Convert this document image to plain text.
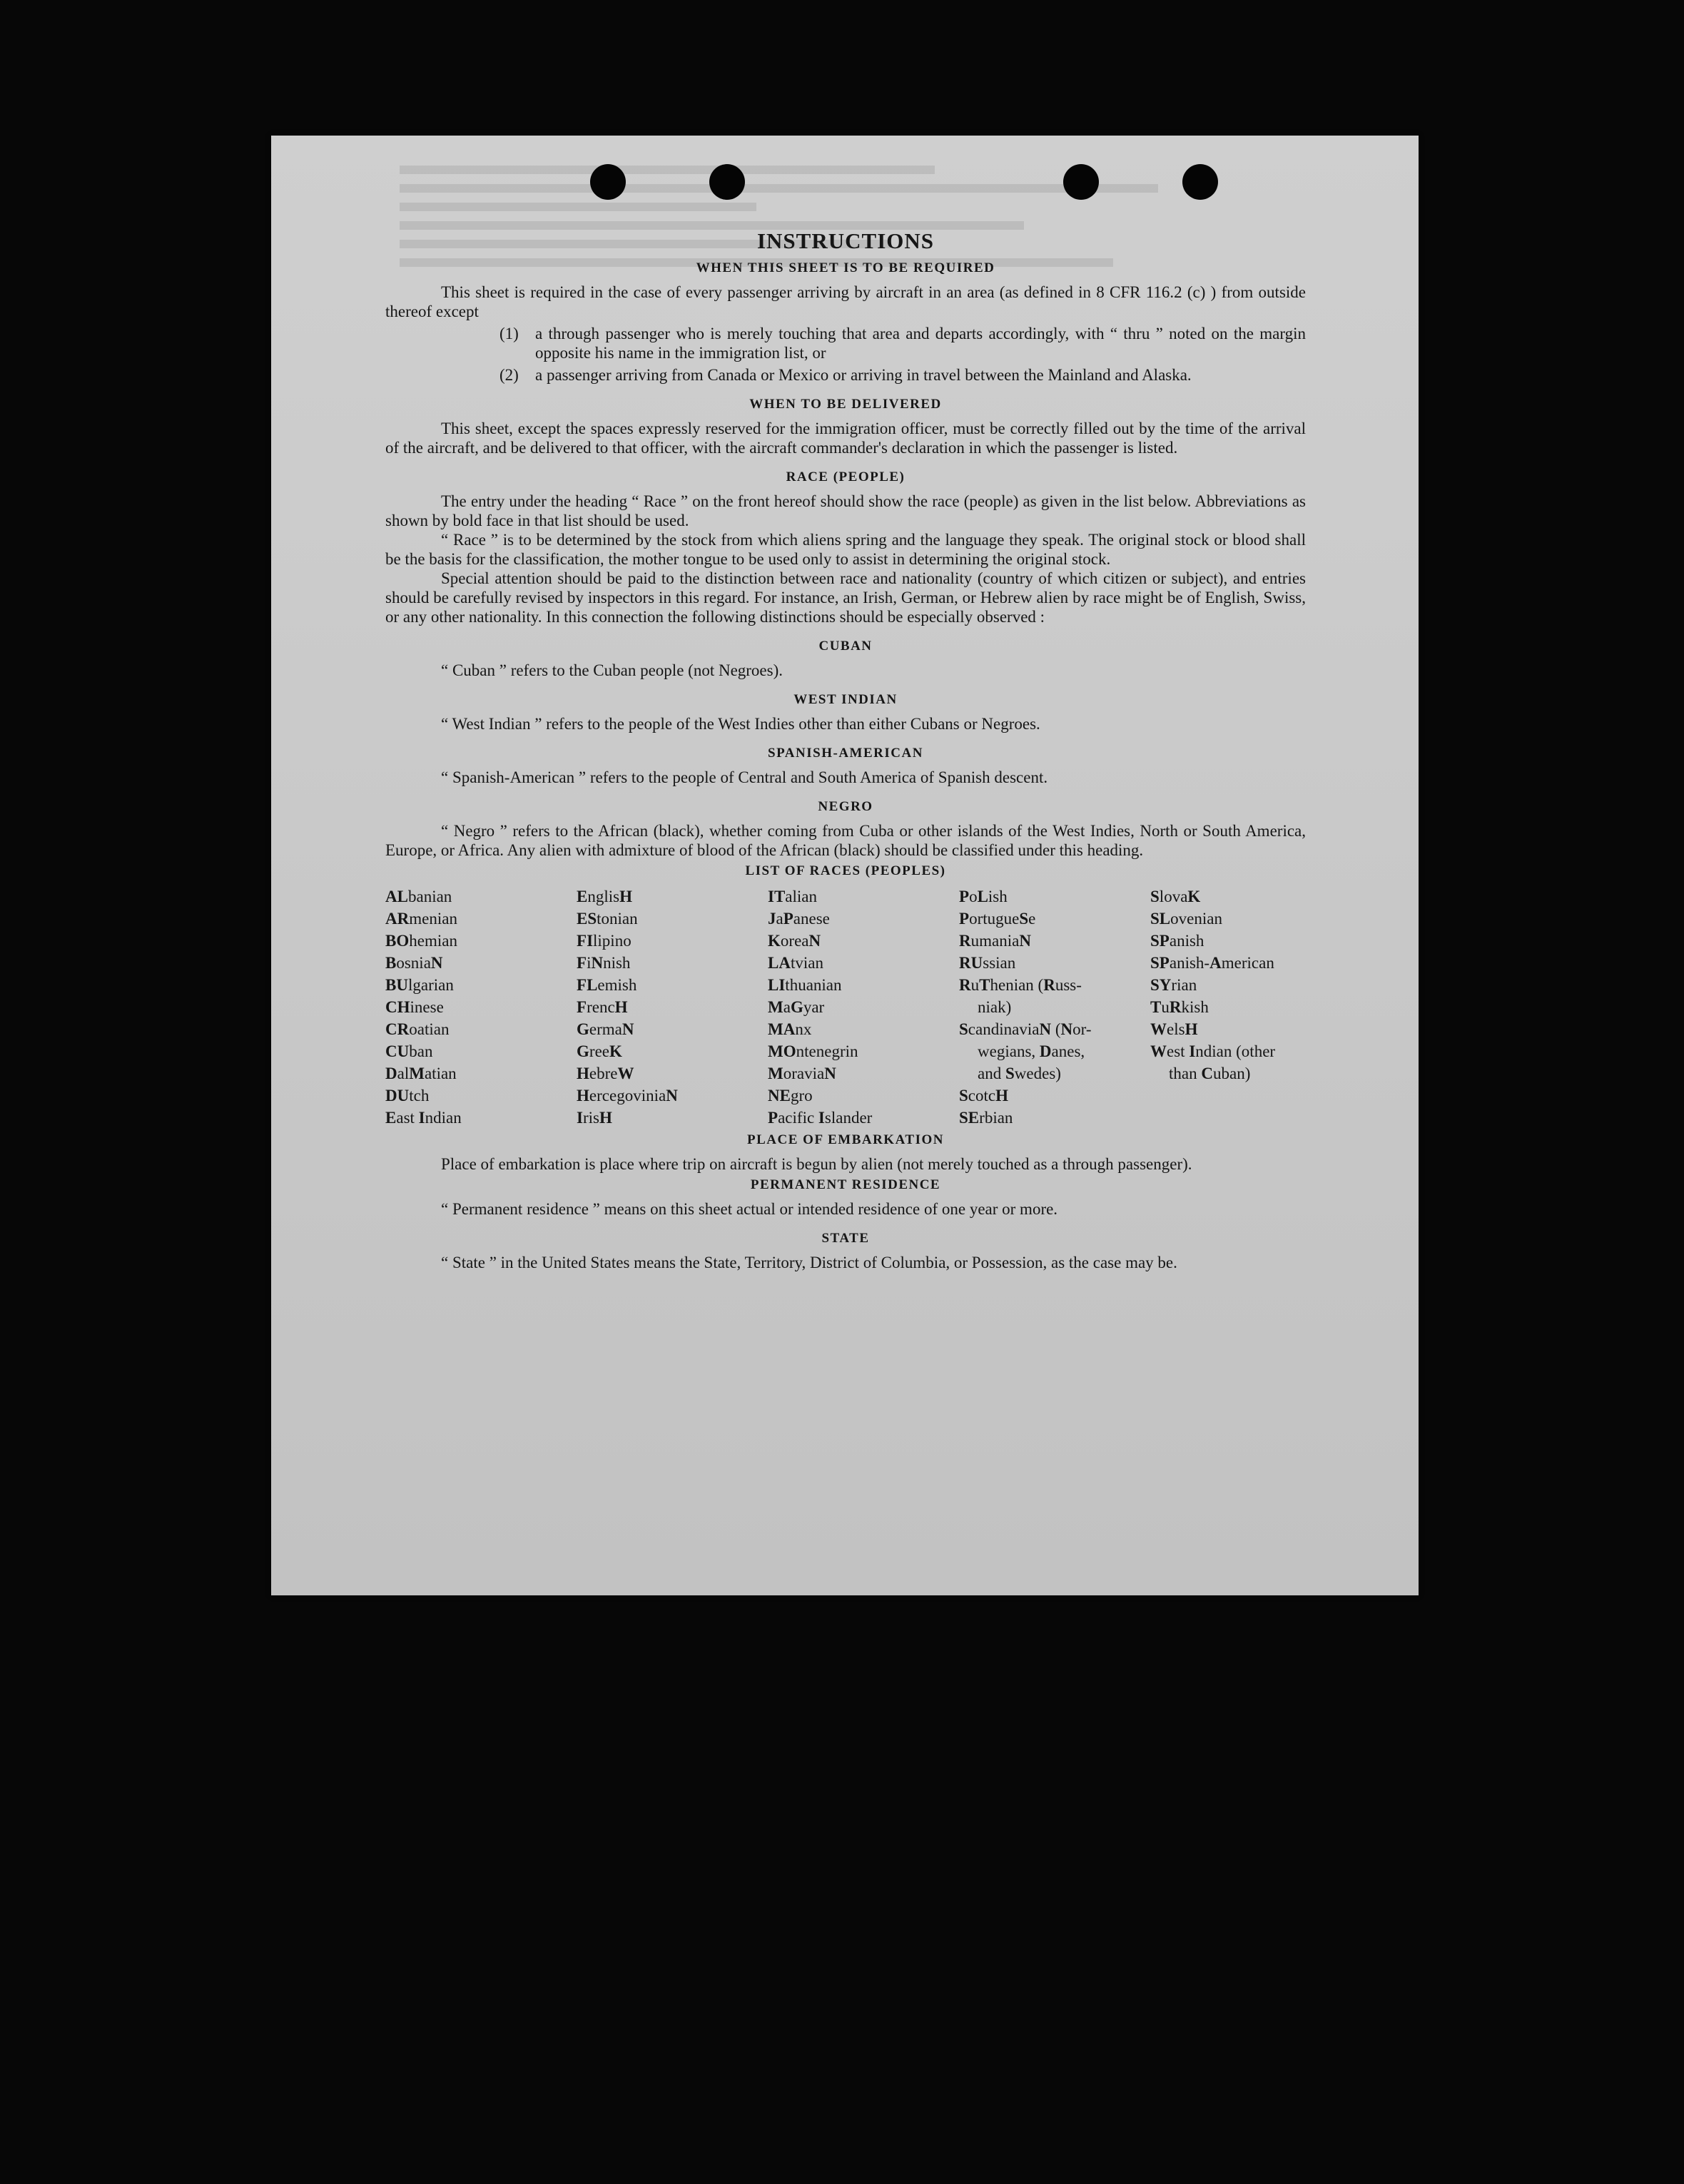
INSTRUCTIONS
WHEN THIS SHEET IS TO BE REQUIRED

This sheet is required in the case of every passenger arriving by aircraft in an area (as defined in 8 CFR 116.2 (c) ) from outside thereof except

(1) a through passenger who is merely touching that area and departs accordingly, with “ thru ” noted on the margin opposite his name in the immigration list, or

(2) a passenger arriving from Canada or Mexico or arriving in travel between the Mainland and Alaska.

WHEN TO BE DELIVERED

This sheet, except the spaces expressly reserved for the immigration officer, must be correctly filled out by the time of the arrival of the aircraft, and be delivered to that officer, with the aircraft commander's declaration in which the passenger is listed.

RACE (PEOPLE)

The entry under the heading “ Race ” on the front hereof should show the race (people) as given in the list below. Abbreviations as shown by bold face in that list should be used.

“ Race ” is to be determined by the stock from which aliens spring and the language they speak. The original stock or blood shall be the basis for the classification, the mother tongue to be used only to assist in determining the original stock.

Special attention should be paid to the distinction between race and nationality (country of which citizen or subject), and entries should be carefully revised by inspectors in this regard. For instance, an Irish, German, or Hebrew alien by race might be of English, Swiss, or any other nationality. In this connection the following distinctions should be especially observed :

CUBAN

“ Cuban ” refers to the Cuban people (not Negroes).

WEST INDIAN

“ West Indian ” refers to the people of the West Indies other than either Cubans or Negroes.

SPANISH-AMERICAN

“ Spanish-American ” refers to the people of Central and South America of Spanish descent.

NEGRO

“ Negro ” refers to the African (black), whether coming from Cuba or other islands of the West Indies, North or South America, Europe, or Africa. Any alien with admixture of blood of the African (black) should be classified under this heading.

LIST OF RACES (PEOPLES)
ALbanian
ARmenian
BOhemian
BosniaN
BUlgarian
CHinese
CRoatian
CUban
DalMatian
DUtch
East Indian
EnglisH
EStonian
FIlipino
FiNnish
FLemish
FrencH
GermaN
GreeK
HebreW
HercegoviniaN
IrisH
ITalian
JaPanese
KoreaN
LAtvian
LIthuanian
MaGyar
MAnx
MOntenegrin
MoraviaN
NEgro
Pacific Islander
PoLish
PortugueSe
RumaniaN
RUssian
RuThenian (Russ-
niak)
ScandinaviaN (Nor-
wegians, Danes,
and Swedes)
ScotcH
SErbian
SlovaK
SLovenian
SPanish
SPanish-American
SYrian
TuRkish
WelsH
West Indian (other
than Cuban)
PLACE OF EMBARKATION

Place of embarkation is place where trip on aircraft is begun by alien (not merely touched as a through passenger).

PERMANENT RESIDENCE

“ Permanent residence ” means on this sheet actual or intended residence of one year or more.

STATE

“ State ” in the United States means the State, Territory, District of Columbia, or Possession, as the case may be.
